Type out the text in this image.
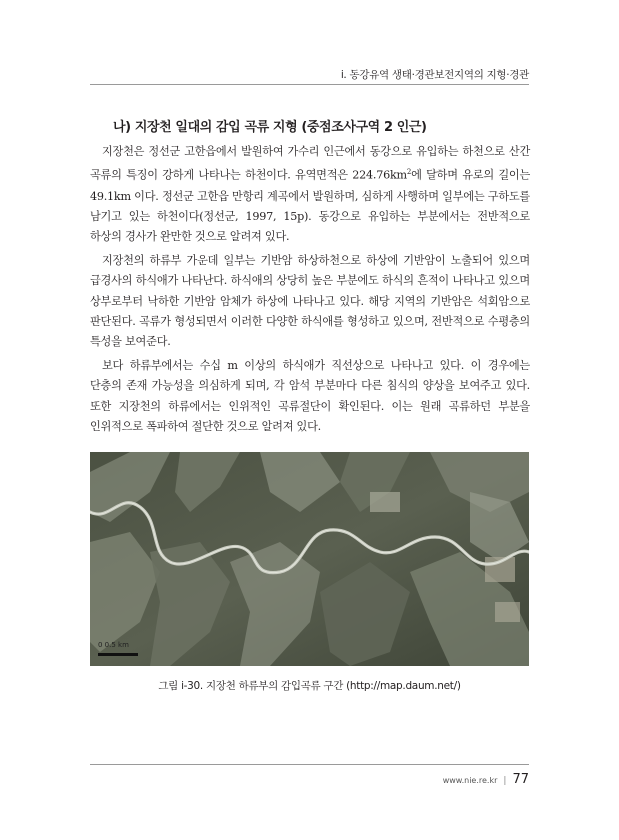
i. 동강유역 생태·경관보전지역의 지형·경관
나) 지장천 일대의 감입 곡류 지형 (중점조사구역 2 인근)

지장천은 정선군 고한읍에서 발원하여 가수리 인근에서 동강으로 유입하는 하천으로 산간 곡류의 특징이 강하게 나타나는 하천이다. 유역면적은 $224.76km^2$에 달하며 유로의 길이는 49.1km 이다. 정선군 고한읍 만항리 계곡에서 발원하며, 심하게 사행하며 일부에는 구하도를 남기고 있는 하천이다(정선군, 1997, 15p). 동강으로 유입하는 부분에서는 전반적으로 하상의 경사가 완만한 것으로 알려져 있다.

지장천의 하류부 가운데 일부는 기반암 하상하천으로 하상에 기반암이 노출되어 있으며 급경사의 하식애가 나타난다. 하식애의 상당히 높은 부분에도 하식의 흔적이 나타나고 있으며 상부로부터 낙하한 기반암 암체가 하상에 나타나고 있다. 해당 지역의 기반암은 석회암으로 판단된다. 곡류가 형성되면서 이러한 다양한 하식애를 형성하고 있으며, 전반적으로 수평층의 특성을 보여준다.

보다 하류부에서는 수십 m 이상의 하식애가 직선상으로 나타나고 있다. 이 경우에는 단층의 존재 가능성을 의심하게 되며, 각 암석 부분마다 다른 침식의 양상을 보여주고 있다. 또한 지장천의 하류에서는 인위적인 곡류절단이 확인된다. 이는 원래 곡류하던 부분을 인위적으로 폭파하여 절단한 것으로 알려져 있다.

0 0.5 km
그림 i-30. 지장천 하류부의 감입곡류 구간 (http://map.daum.net/)
www.nie.re.kr | 77
